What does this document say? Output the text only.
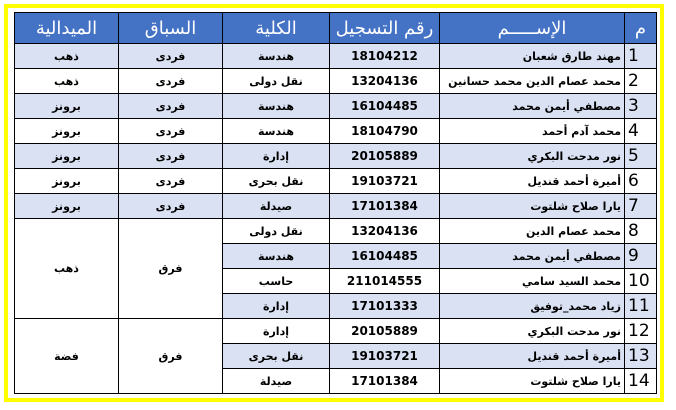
م	الإســـــم	رقم التسجيل	الكلية	السباق	الميدالية
1	مهند طارق شعبان	18104212	هندسة	فردى	ذهب
2	محمد عصام الدين محمد حسانين	13204136	نقل دولى	فردى	ذهب
3	مصطفي أيمن محمد	16104485	هندسة	فردى	برونز
4	محمد آدم أحمد	18104790	هندسة	فردى	برونز
5	نور مدحت البكري	20105889	إدارة	فردى	برونز
6	أميرة أحمد قنديل	19103721	نقل بحرى	فردى	برونز
7	يارا صلاح شلتوت	17101384	صيدلة	فردى	برونز
8	محمد عصام الدين	13204136	نقل دولى	فرق	ذهب
9	مصطفي أيمن محمد	16104485	هندسة		
10	محمد السيد سامي	211014555	حاسب		
11	زياد محمد_توفيق	17101333	إدارة		
12	نور مدحت البكري	20105889	إدارة	فرق	فضة
13	أميرة أحمد قنديل	19103721	نقل بحرى		
14	يارا صلاح شلتوت	17101384	صيدلة		
